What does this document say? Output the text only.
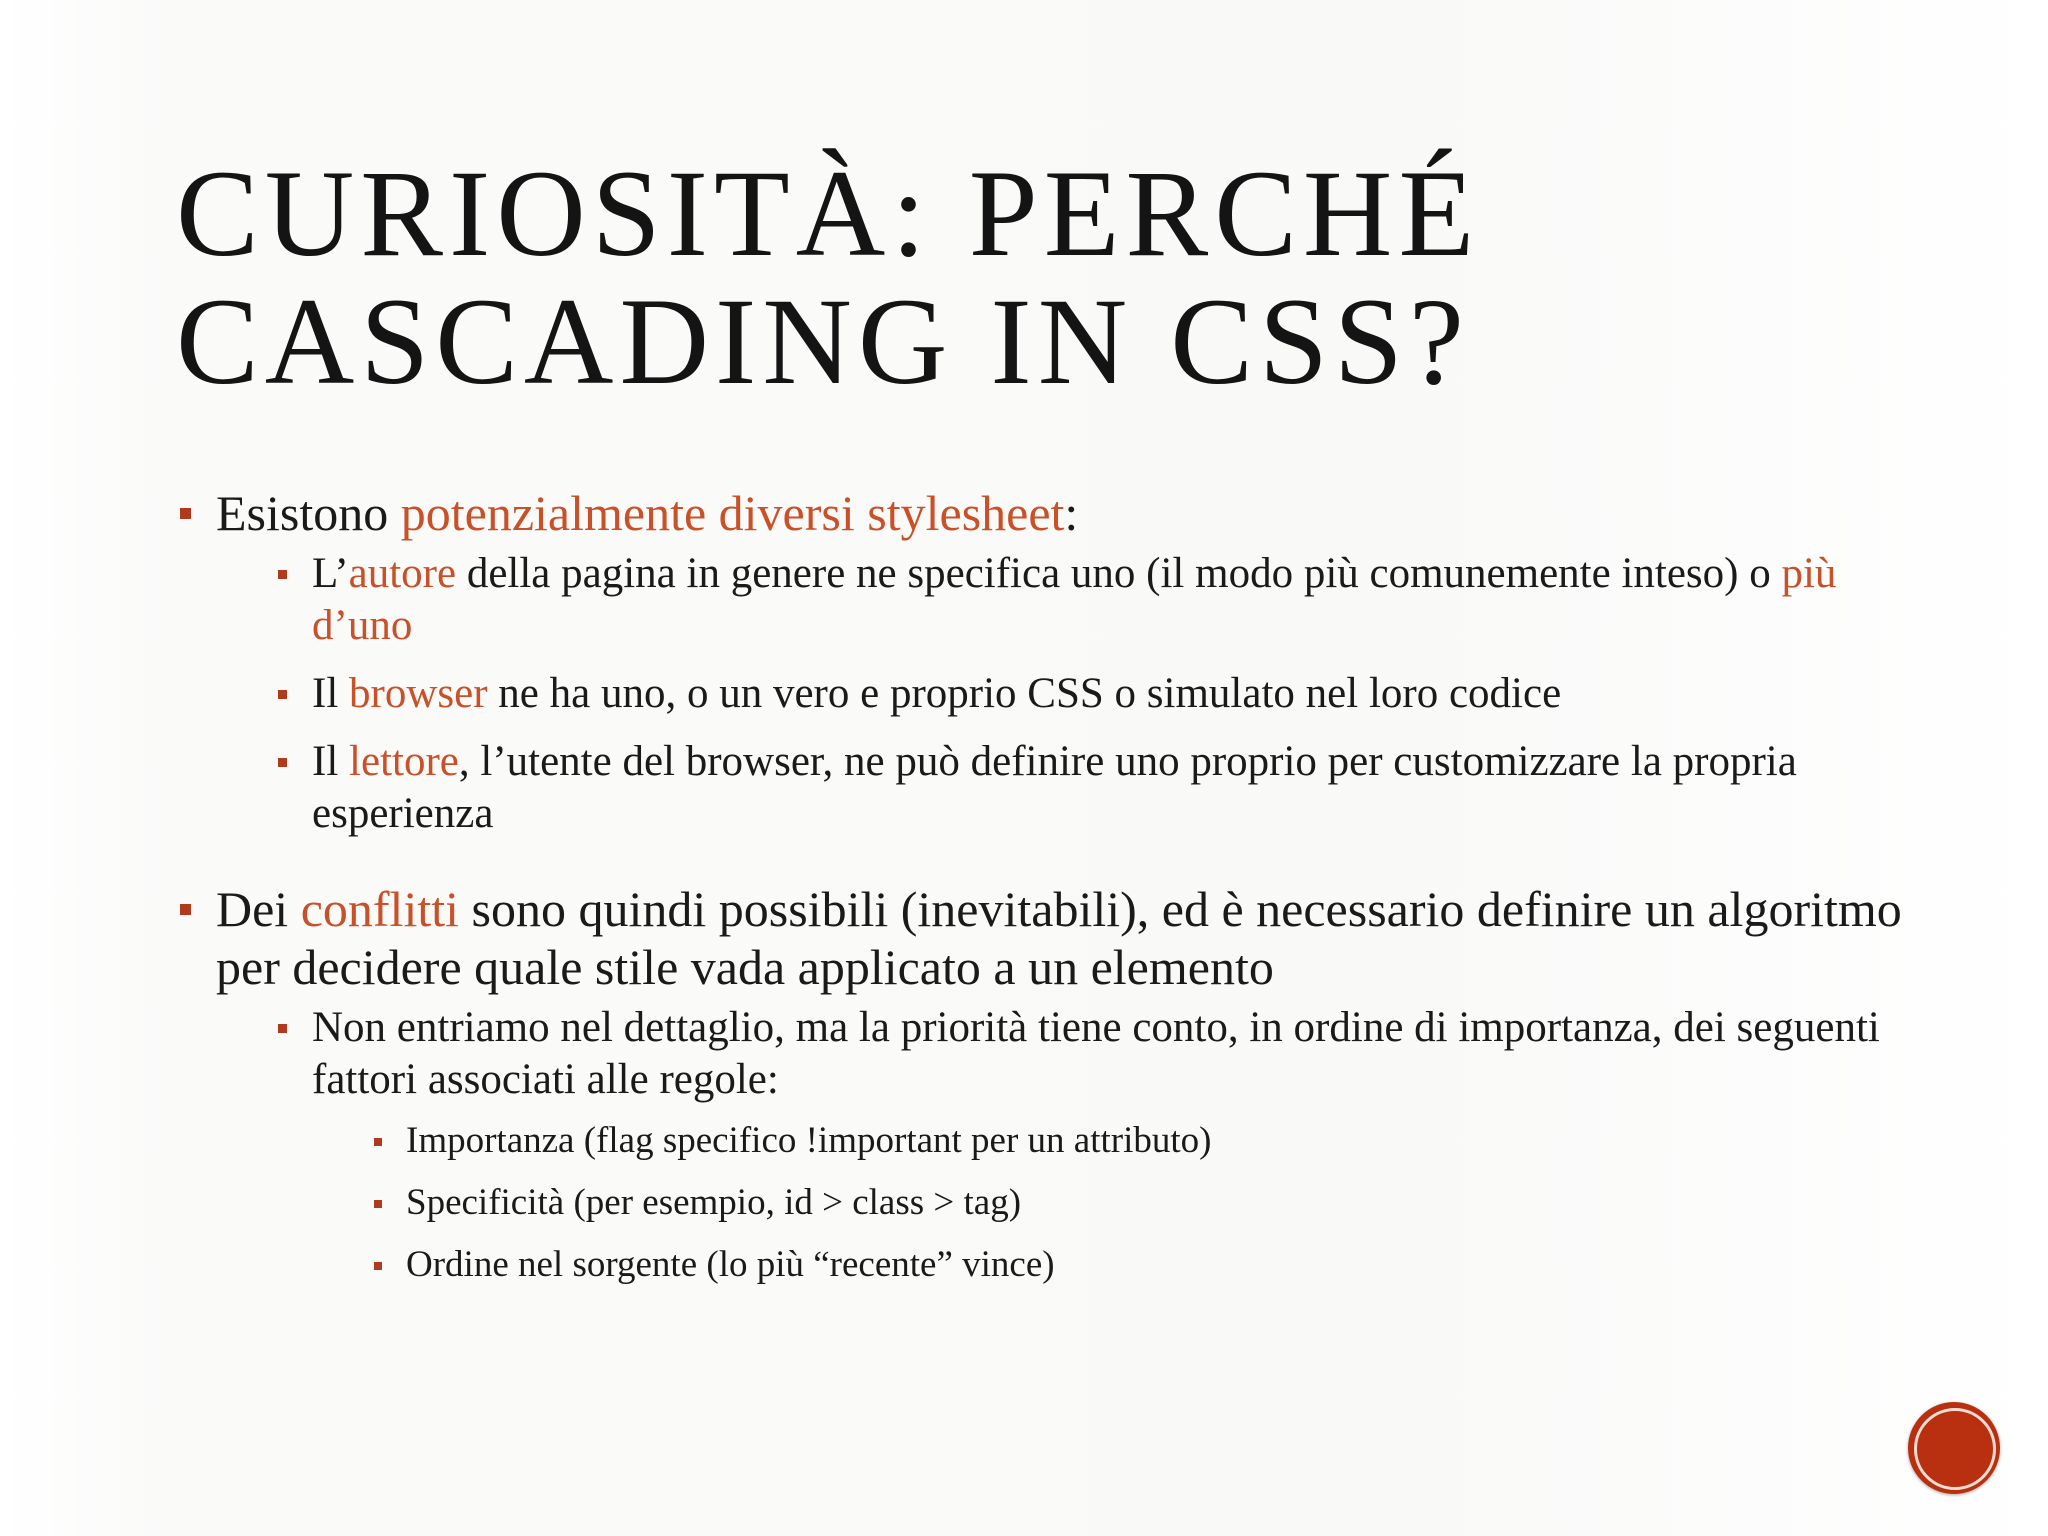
CURIOSITÀ: PERCHÉ
CASCADING IN CSS?
Esistono potenzialmente diversi stylesheet:
L’autore della pagina in genere ne specifica uno (il modo più comunemente inteso) o più d’uno
Il browser ne ha uno, o un vero e proprio CSS o simulato nel loro codice
Il lettore, l’utente del browser, ne può definire uno proprio per customizzare la propria esperienza
Dei conflitti sono quindi possibili (inevitabili), ed è necessario definire un algoritmo per decidere quale stile vada applicato a un elemento
Non entriamo nel dettaglio, ma la priorità tiene conto, in ordine di importanza, dei seguenti fattori associati alle regole:
Importanza (flag specifico !important per un attributo)
Specificità (per esempio, id > class > tag)
Ordine nel sorgente (lo più “recente” vince)
